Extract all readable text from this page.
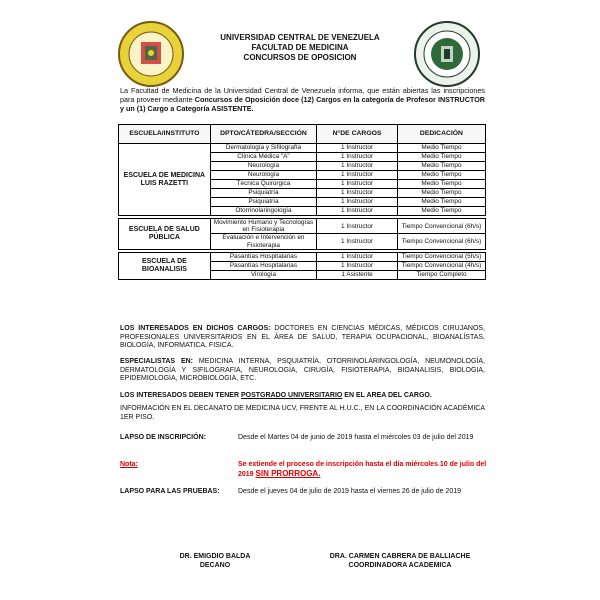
UNIVERSIDAD CENTRAL DE VENEZUELA
FACULTAD DE MEDICINA
CONCURSOS DE OPOSICION
La Facultad de Medicina de la Universidad Central de Venezuela informa, que están abiertas las inscripciones para proveer mediante Concursos de Oposición doce (12) Cargos en la categoría de Profesor INSTRUCTOR y un (1) Cargo a Categoría ASISTENTE.
ESCUELA/INSTITUTO	DPTO/CÁTEDRA/SECCIÓN	N°DE CARGOS	DEDICACIÓN
ESCUELA DE MEDICINA LUIS RAZETTI	Dermatología y Sifilografía	1 Instructor	Medio Tiempo
	Clínica Médica "A"	1 Instructor	Medio Tiempo
	Neurología	1 Instructor	Medio Tiempo
	Neurología	1 Instructor	Medio Tiempo
	Técnica Quirúrgica	1 Instructor	Medio Tiempo
	Psiquiatría	1 Instructor	Medio Tiempo
	Psiquiatría	1 Instructor	Medio Tiempo
	Otorrinolaringología	1 Instructor	Medio Tiempo

ESCUELA DE SALUD PÚBLICA	Movimiento Humano y Tecnologías en Fisioterapia	1 Instructor	Tiempo Convencional (6h/s)
	Evaluación e Intervención en Fisioterapia	1 Instructor	Tiempo Convencional (6h/s)

ESCUELA DE BIOANALISIS	Pasantías Hospitalarias	1 Instructor	Tiempo Convencional (5h/s)
	Pasantías Hospitalarias	1 Instructor	Tiempo Convencional (4h/s)
	Virología	1 Asistente	Tiempo Completo
LOS INTERESADOS EN DICHOS CARGOS: DOCTORES EN CIENCIAS MÉDICAS, MÉDICOS CIRUJANOS, PROFESIONALES UNIVERSITARIOS EN EL ÁREA DE SALUD, TERAPIA OCUPACIONAL, BIOANALÍSTAS, BIOLOGÍA, INFORMATICA, FISICA.
ESPECIALISTAS EN: MEDICINA INTERNA, PSQUIATRÍA, OTORRINOLARINGOLOGÍA, NEUMONOLOGÍA, DERMATOLOGÍA Y SIFILOGRAFIA, NEUROLOGIA, CIRUGÍA, FISIOTERAPIA, BIOANALISIS, BIOLOGIA, EPIDEMIOLOGIA, MICROBIOLOGIA, ETC.
LOS INTERESADOS DEBEN TENER POSTGRADO UNIVERSITARIO EN EL AREA DEL CARGO.
INFORMACIÓN EN EL DECANATO DE MEDICINA UCV, FRENTE AL H.U.C., EN LA COORDINACIÓN ACADÉMICA 1ER PISO.
LAPSO DE INSCRIPCIÓN:	Desde el Martes 04 de junio de 2019 hasta el miércoles 03 de julio del 2019
Nota:	Se extiende el proceso de inscripción hasta el día miércoles 10 de julio del 2019 SIN PRORROGA.
LAPSO PARA LAS PRUEBAS:	Desde el jueves 04 de julio de 2019 hasta el viernes 26 de julio de 2019
DR. EMIGDIO BALDA
DECANO
DRA. CARMEN CABRERA DE BALLIACHE
COORDINADORA ACADEMICA
